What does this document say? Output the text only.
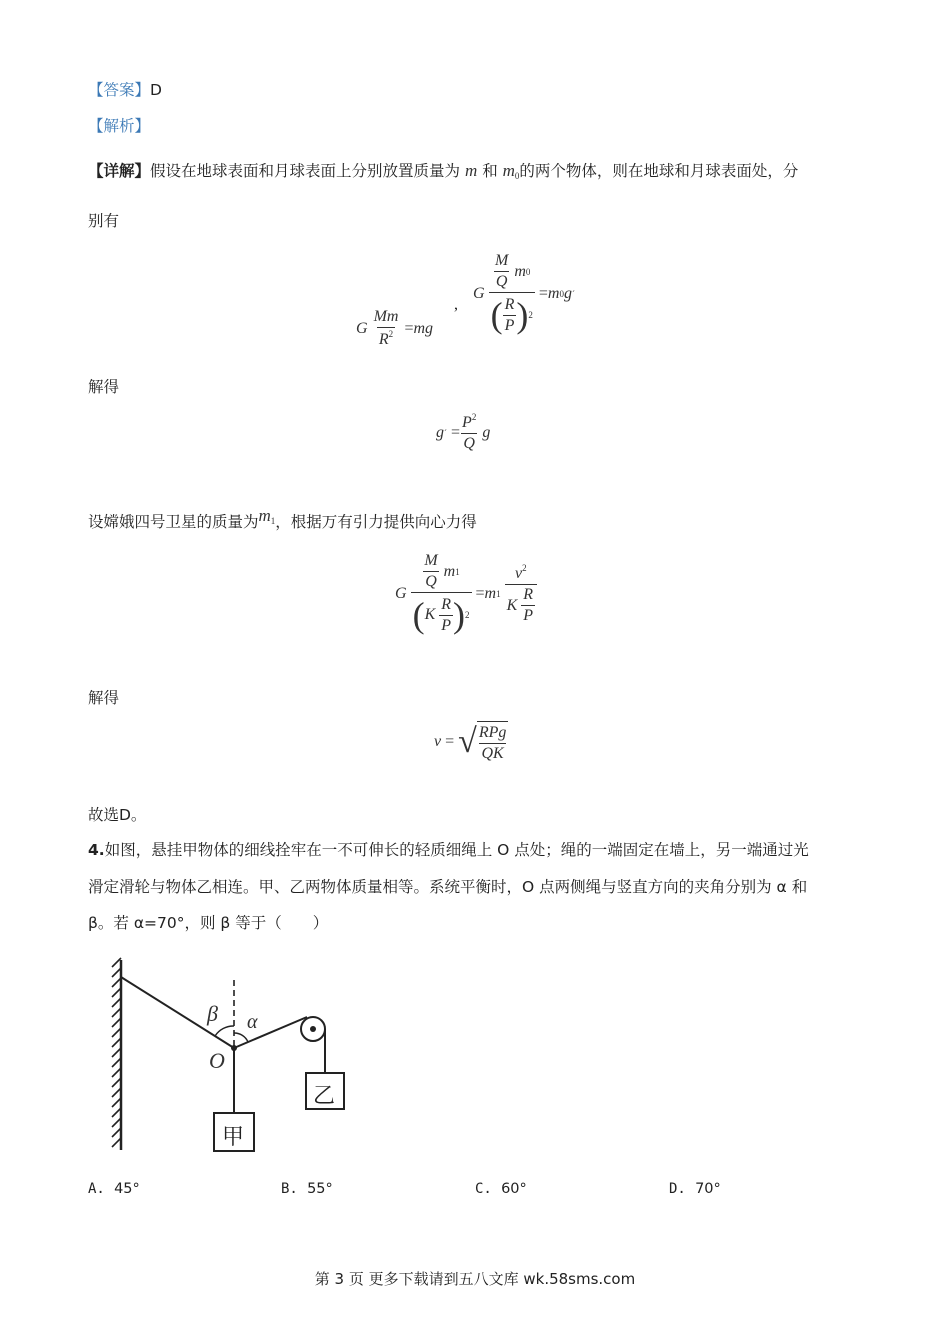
【答案】D
【解析】
【详解】假设在地球表面和月球表面上分别放置质量为 m 和 $m_0$的两个物体，则在地球和月球表面处，分
别有
G $\frac{Mm}{R^2}$
= mg
,
G $\frac{\frac{M}{Q} m 0}{( \frac{R}{P} ) 2}$
= m 0 g ´
解得
g ´
= $\frac{P^2}{Q}$ g
设嫦娥四号卫星的质量为$m_1$，根据万有引力提供向心力得
G $\frac{\frac{M}{Q} m 1}{( K \frac{R}{P} ) 2}$
= m 1
$\frac{v^2}{K \frac{R}{P}}$
解得
v =
√ $\frac{\text{RPg}}{QK}$
故选D。
4.如图，悬挂甲物体的细线拴牢在一不可伸长的轻质细绳上 O 点处；绳的一端固定在墙上，另一端通过光
滑定滑轮与物体乙相连。甲、乙两物体质量相等。系统平衡时，O 点两侧绳与竖直方向的夹角分别为 α 和
β。若 α=70°，则 β 等于（　　）
β α
O
甲
乙
A. 45°	B. 55°	C. 60°	D. 70°
第 3 页 更多下载请到五八文库 wk.58sms.com
